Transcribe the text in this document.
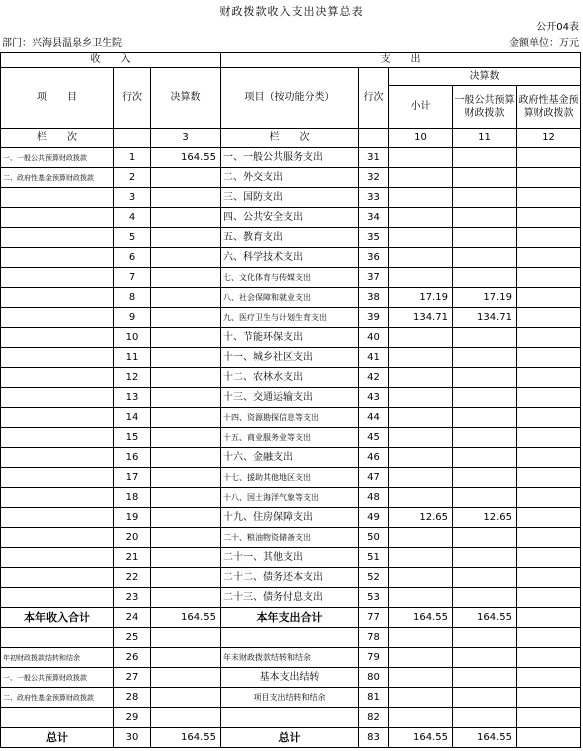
财政拨款收入支出决算总表
公开04表
部门：兴海县温泉乡卫生院	金额单位：万元
收　　入			支　　出				
项　　目	行次	决算数	项目（按功能分类）	行次	决算数		
					小计	一般公共预算财政拨款	政府性基金预算财政拨款
栏　　次		3	栏　　次		10	11	12
一、一般公共预算财政拨款	1	164.55	一、一般公共服务支出	31			
二、政府性基金预算财政拨款	2		二、外交支出	32			
	3		三、国防支出	33			
	4		四、公共安全支出	34			
	5		五、教育支出	35			
	6		六、科学技术支出	36			
	7		七、文化体育与传媒支出	37			
	8		八、社会保障和就业支出	38	17.19	17.19	
	9		九、医疗卫生与计划生育支出	39	134.71	134.71	
	10		十、节能环保支出	40			
	11		十一、城乡社区支出	41			
	12		十二、农林水支出	42			
	13		十三、交通运输支出	43			
	14		十四、资源勘探信息等支出	44			
	15		十五、商业服务业等支出	45			
	16		十六、金融支出	46			
	17		十七、援助其他地区支出	47			
	18		十八、国土海洋气象等支出	48			
	19		十九、住房保障支出	49	12.65	12.65	
	20		二十、粮油物资储备支出	50			
	21		二十一、其他支出	51			
	22		二十二、债务还本支出	52			
	23		二十三、债务付息支出	53			
本年收入合计	24	164.55	本年支出合计	77	164.55	164.55	
	25			78			
年初财政拨款结转和结余	26		年末财政拨款结转和结余	79			
一、一般公共预算财政拨款	27		基本支出结转	80			
二、政府性基金预算财政拨款	28		项目支出结转和结余	81			
	29			82			
总计	30	164.55	总计	83	164.55	164.55	
